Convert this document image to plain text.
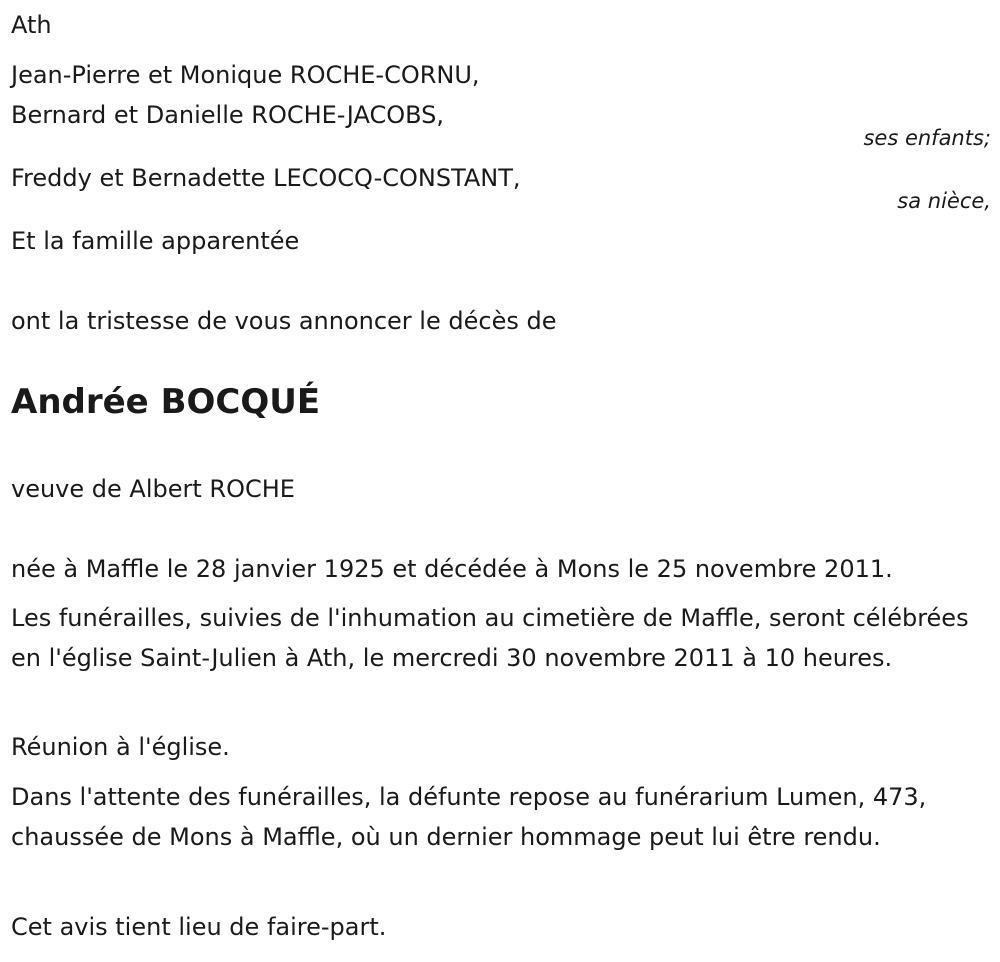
Ath
Jean-Pierre et Monique ROCHE-CORNU,
Bernard et Danielle ROCHE-JACOBS,
ses enfants;
Freddy et Bernadette LECOCQ-CONSTANT,
sa nièce,
Et la famille apparentée
ont la tristesse de vous annoncer le décès de
Andrée BOCQUÉ
veuve de Albert ROCHE
née à Maffle le 28 janvier 1925 et décédée à Mons le 25 novembre 2011.
Les funérailles, suivies de l'inhumation au cimetière de Maffle, seront célébrées en l'église Saint-Julien à Ath, le mercredi 30 novembre 2011 à 10 heures.
Réunion à l'église.
Dans l'attente des funérailles, la défunte repose au funérarium Lumen, 473, chaussée de Mons à Maffle, où un dernier hommage peut lui être rendu.
Cet avis tient lieu de faire-part.
